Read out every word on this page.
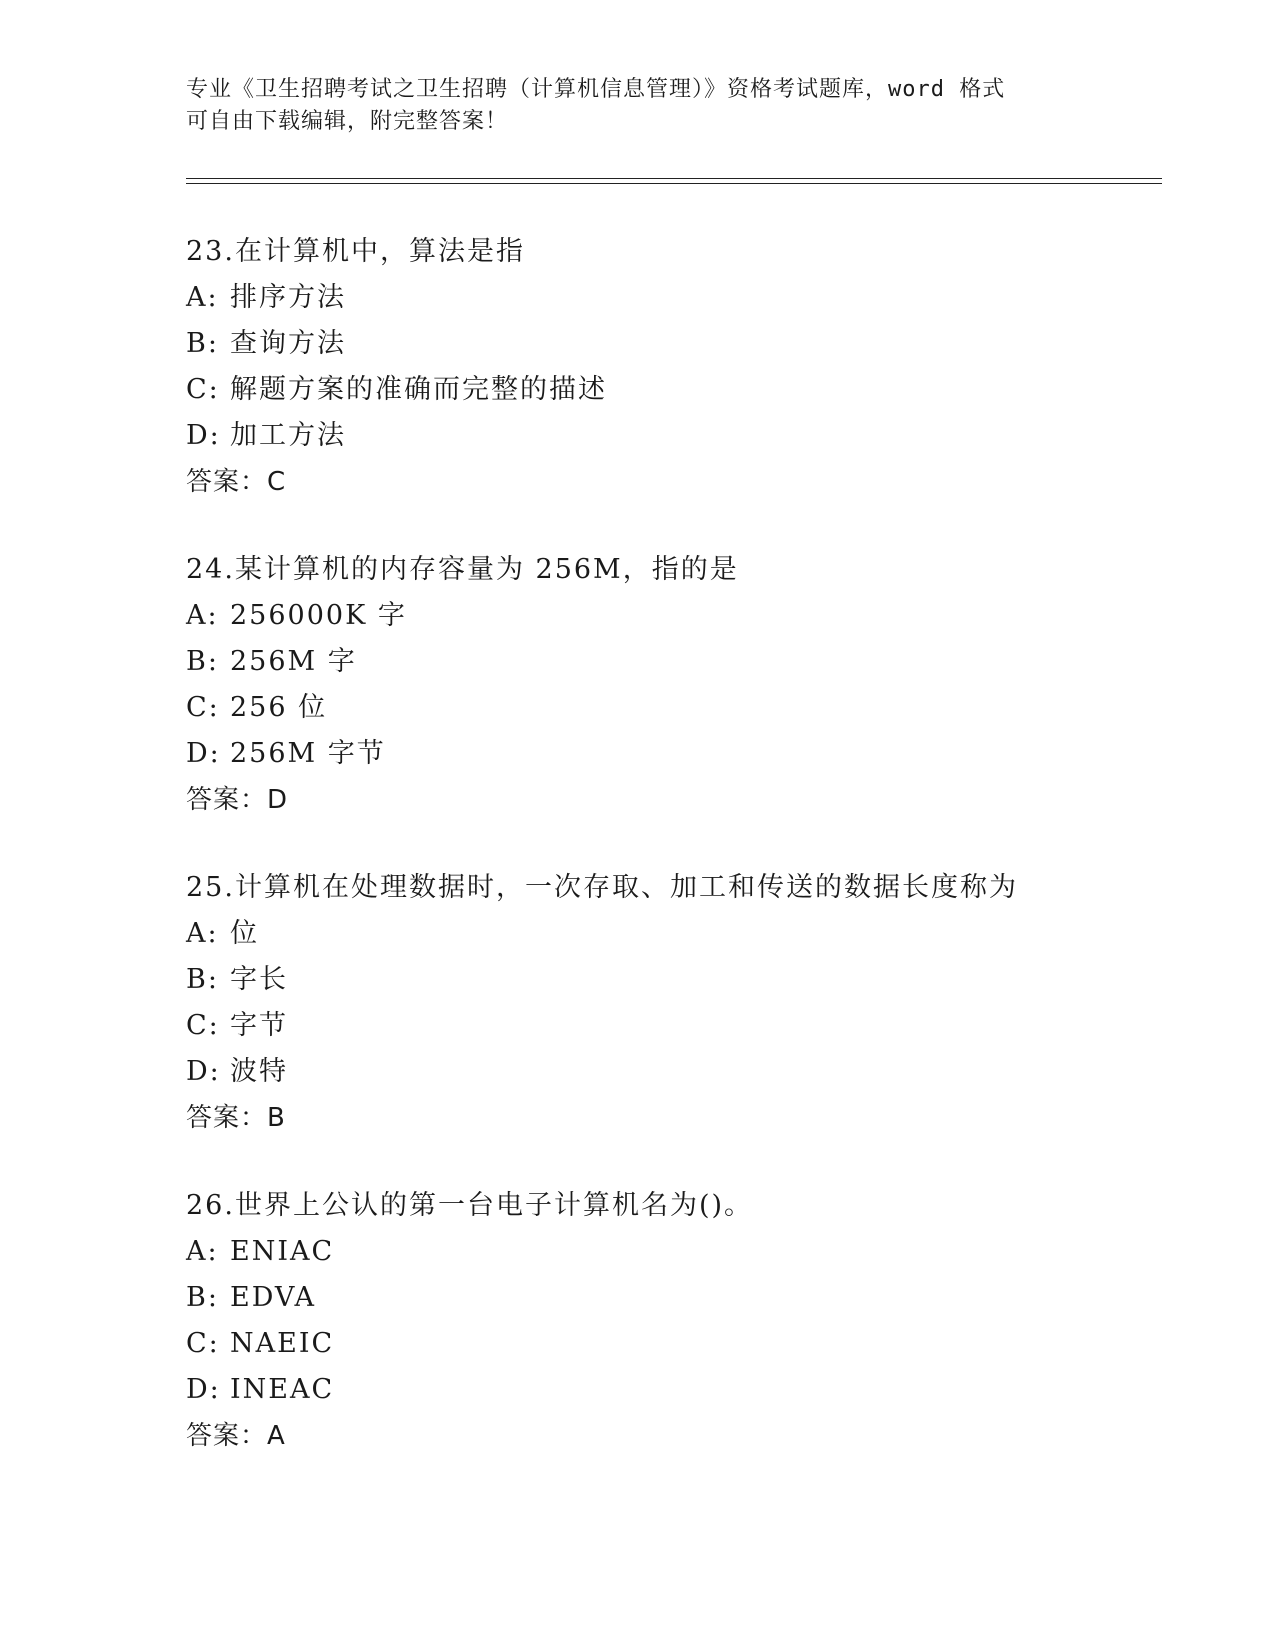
专业《卫生招聘考试之卫生招聘（计算机信息管理）》资格考试题库，word 格式
可自由下载编辑，附完整答案！
23.在计算机中，算法是指
A: 排序方法
B: 查询方法
C: 解题方案的准确而完整的描述
D: 加工方法
答案：C
24.某计算机的内存容量为 256M，指的是
A: 256000K 字
B: 256M 字
C: 256 位
D: 256M 字节
答案：D
25.计算机在处理数据时，一次存取、加工和传送的数据长度称为
A: 位
B: 字长
C: 字节
D: 波特
答案：B
26.世界上公认的第一台电子计算机名为()。
A: ENIAC
B: EDVA
C: NAEIC
D: INEAC
答案：A
